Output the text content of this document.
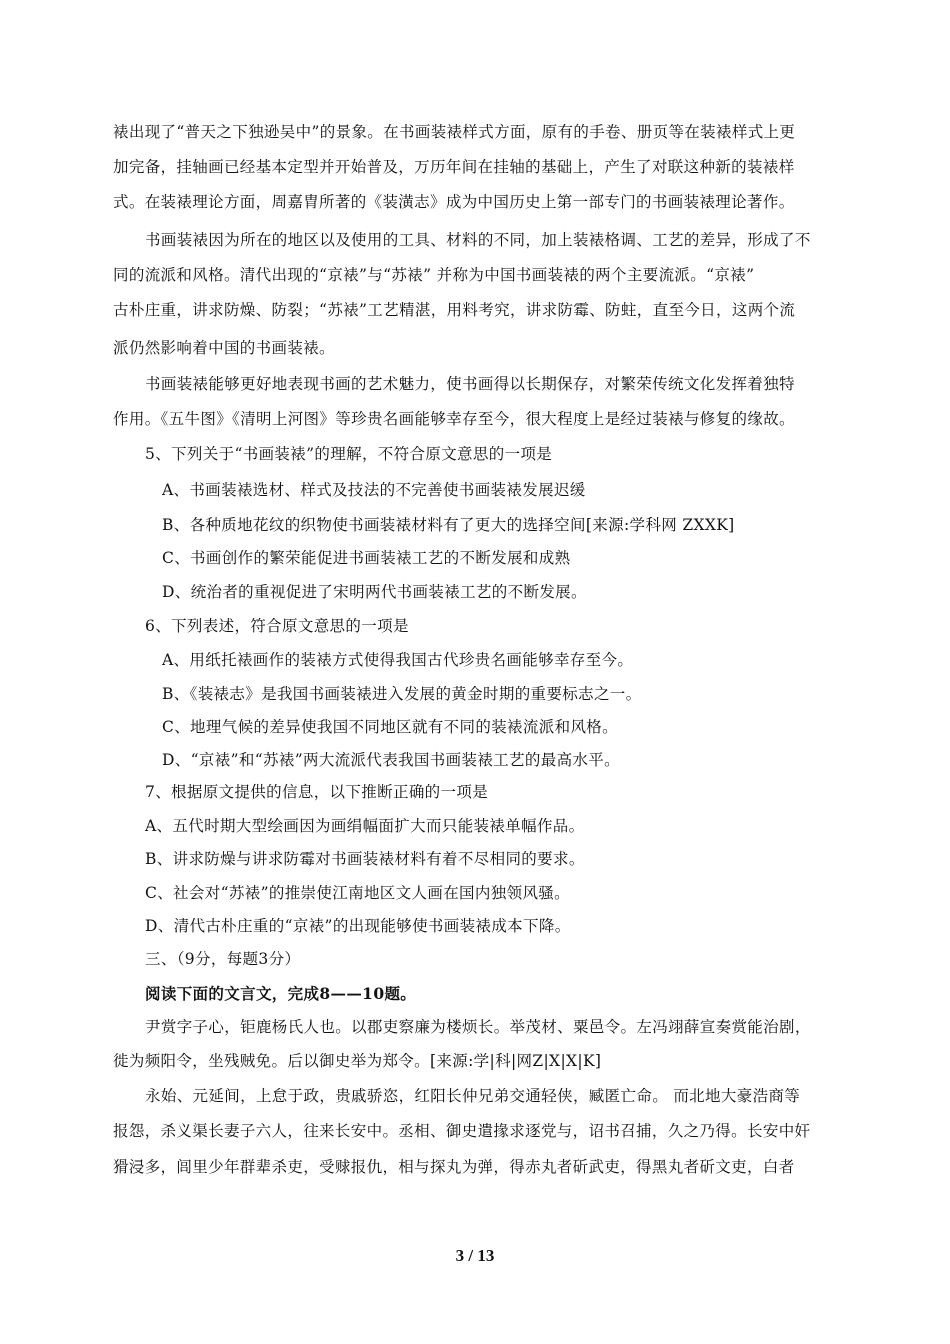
裱出现了“普天之下独逊吴中”的景象。在书画装裱样式方面，原有的手卷、册页等在装裱样式上更
加完备，挂轴画已经基本定型并开始普及，万历年间在挂轴的基础上，产生了对联这种新的装裱样
式。在装裱理论方面，周嘉胄所著的《装潢志》成为中国历史上第一部专门的书画装裱理论著作。
书画装裱因为所在的地区以及使用的工具、材料的不同，加上装裱格调、工艺的差异，形成了不
同的流派和风格。清代出现的“京裱”与“苏裱” 并称为中国书画装裱的两个主要流派。“京裱”
古朴庄重，讲求防燥、防裂；“苏裱”工艺精湛，用料考究，讲求防霉、防蛀，直至今日，这两个流
派仍然影响着中国的书画装裱。
书画装裱能够更好地表现书画的艺术魅力，使书画得以长期保存，对繁荣传统文化发挥着独特
作用。《五牛图》《清明上河图》等珍贵名画能够幸存至今，很大程度上是经过装裱与修复的缘故。
5、下列关于“书画装裱”的理解，不符合原文意思的一项是
A、书画装裱选材、样式及技法的不完善使书画装裱发展迟缓
B、各种质地花纹的织物使书画装裱材料有了更大的选择空间[来源:学科网 ZXXK]
C、书画创作的繁荣能促进书画装裱工艺的不断发展和成熟
D、统治者的重视促进了宋明两代书画装裱工艺的不断发展。
6、下列表述，符合原文意思的一项是
A、用纸托裱画作的装裱方式使得我国古代珍贵名画能够幸存至今。
B、《装裱志》是我国书画装裱进入发展的黄金时期的重要标志之一。
C、地理气候的差异使我国不同地区就有不同的装裱流派和风格。
D、“京裱”和“苏裱”两大流派代表我国书画装裱工艺的最高水平。
7、根据原文提供的信息，以下推断正确的一项是
A、五代时期大型绘画因为画绢幅面扩大而只能装裱单幅作品。
B、讲求防燥与讲求防霉对书画装裱材料有着不尽相同的要求。
C、社会对“苏裱”的推崇使江南地区文人画在国内独领风骚。
D、清代古朴庄重的“京裱”的出现能够使书画装裱成本下降。
三、（9分，每题3分）
阅读下面的文言文，完成8——10题。
尹赏字子心，钜鹿杨氏人也。以郡吏察廉为楼烦长。举茂材、粟邑令。左冯翊薛宣奏赏能治剧，
徙为频阳令，坐残贼免。后以御史举为郑令。[来源:学|科|网Z|X|X|K]
永始、元延间，上怠于政，贵戚骄恣，红阳长仲兄弟交通轻侠，臧匿亡命。 而北地大豪浩商等
报怨，杀义渠长妻子六人，往来长安中。丞相、御史遣掾求逐党与，诏书召捕，久之乃得。长安中奸
猾浸多，闾里少年群辈杀吏，受赇报仇，相与探丸为弹，得赤丸者斫武吏，得黑丸者斫文吏，白者
3 / 13
